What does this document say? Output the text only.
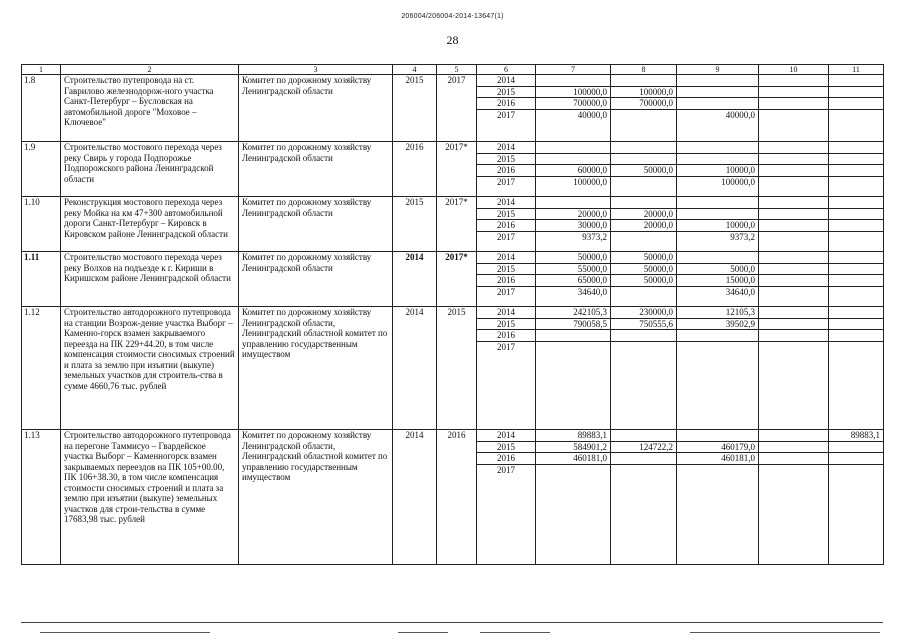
206004/206004-2014-13647(1)
28
1	2	3	4	5	6	7	8	9	10	11
1.8	Строительство путепровода на ст. Гаврилово железнодорож-ного участка Санкт-Петербург – Бусловская на автомобильной дороге "Моховое – Ключевое"	Комитет по дорожному хозяйству Ленинградской области	2015	2017	2014					
					2015	100000,0	100000,0			
					2016	700000,0	700000,0			
					2017	40000,0		40000,0		
1.9	Строительство мостового перехода через реку Свирь у города Подпорожье Подпорожского района Ленинградской области	Комитет по дорожному хозяйству Ленинградской области	2016	2017*	2014					
					2015					
					2016	60000,0	50000,0	10000,0		
					2017	100000,0		100000,0		
1.10	Реконструкция мостового перехода через реку Мойка на км 47+300 автомобильной дороги Санкт-Петербург – Кировск в Кировском районе Ленинградской области	Комитет по дорожному хозяйству Ленинградской области	2015	2017*	2014					
					2015	20000,0	20000,0			
					2016	30000,0	20000,0	10000,0		
					2017	9373,2		9373,2		
1.11	Строительство мостового перехода через реку Волхов на подъезде к г. Кириши в Киришском районе Ленинградской области	Комитет по дорожному хозяйству Ленинградской области	2014	2017*	2014	50000,0	50000,0			
					2015	55000,0	50000,0	5000,0		
					2016	65000,0	50000,0	15000,0		
					2017	34640,0		34640,0		
1.12	Строительство автодорожного путепровода на станции Возрож-дение участка Выборг – Каменно-горск взамен закрываемого переезда на ПК 229+44.20, в том числе компенсация стоимости сносимых строений и плата за землю при изъятии (выкупе) земельных участков для строитель-ства в сумме 4660,76 тыс. рублей	Комитет по дорожному хозяйству Ленинградской области, Ленинградский областной комитет по управлению государственным имуществом	2014	2015	2014	242105,3	230000,0	12105,3		
					2015	790058,5	750555,6	39502,9		
					2016					
					2017					
1.13	Строительство автодорожного путепровода на перегоне Таммисуо – Гвардейское участка Выборг – Каменногорск взамен закрываемых переездов на ПК 105+00.00, ПК 106+38.30, в том числе компенсация стоимости сносимых строений и плата за землю при изъятии (выкупе) земельных участков для строи-тельства в сумме 17683,98 тыс. рублей	Комитет по дорожному хозяйству Ленинградской области, Ленинградский областной комитет по управлению государственным имуществом	2014	2016	2014	89883,1				89883,1
					2015	584901,2	124722,2	460179,0		
					2016	460181,0		460181,0		
					2017					
